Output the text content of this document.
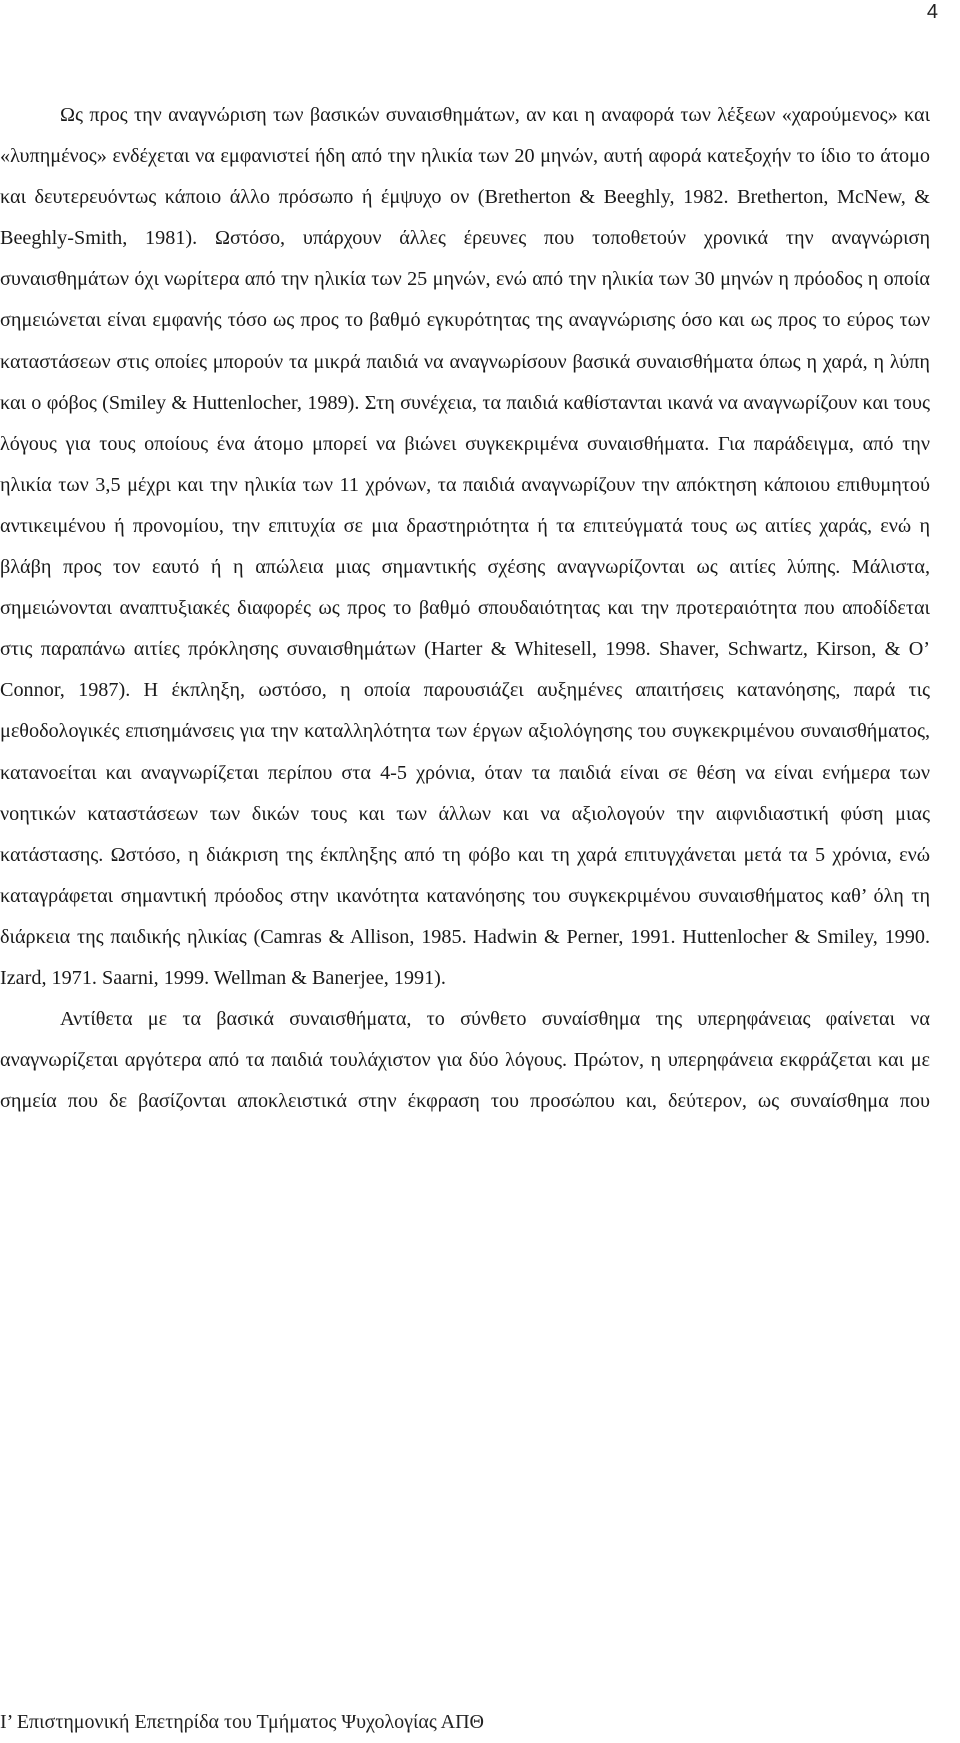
4

Ως προς την αναγνώριση των βασικών συναισθημάτων, αν και η αναφορά των λέξεων «χαρούμενος» και «λυπημένος» ενδέχεται να εμφανιστεί ήδη από την ηλικία των 20 μηνών, αυτή αφορά κατεξοχήν το ίδιο το άτομο και δευτερευόντως κάποιο άλλο πρόσωπο ή έμψυχο ον (Bretherton & Beeghly, 1982. Bretherton, McNew, & Beeghly-Smith, 1981). Ωστόσο, υπάρχουν άλλες έρευνες που τοποθετούν χρονικά την αναγνώριση συναισθημάτων όχι νωρίτερα από την ηλικία των 25 μηνών, ενώ από την ηλικία των 30 μηνών η πρόοδος η οποία σημειώνεται είναι εμφανής τόσο ως προς το βαθμό εγκυρότητας της αναγνώρισης όσο και ως προς το εύρος των καταστάσεων στις οποίες μπορούν τα μικρά παιδιά να αναγνωρίσουν βασικά συναισθήματα όπως η χαρά, η λύπη και ο φόβος (Smiley & Huttenlocher, 1989). Στη συνέχεια, τα παιδιά καθίστανται ικανά να αναγνωρίζουν και τους λόγους για τους οποίους ένα άτομο μπορεί να βιώνει συγκεκριμένα συναισθήματα. Για παράδειγμα, από την ηλικία των 3,5 μέχρι και την ηλικία των 11 χρόνων, τα παιδιά αναγνωρίζουν την απόκτηση κάποιου επιθυμητού αντικειμένου ή προνομίου, την επιτυχία σε μια δραστηριότητα ή τα επιτεύγματά τους ως αιτίες χαράς, ενώ η βλάβη προς τον εαυτό ή η απώλεια μιας σημαντικής σχέσης αναγνωρίζονται ως αιτίες λύπης. Μάλιστα, σημειώνονται αναπτυξιακές διαφορές ως προς το βαθμό σπουδαιότητας και την προτεραιότητα που αποδίδεται στις παραπάνω αιτίες πρόκλησης συναισθημάτων (Harter & Whitesell, 1998. Shaver, Schwartz, Kirson, & O’ Connor, 1987). Η έκπληξη, ωστόσο, η οποία παρουσιάζει αυξημένες απαιτήσεις κατανόησης, παρά τις μεθοδολογικές επισημάνσεις για την καταλληλότητα των έργων αξιολόγησης του συγκεκριμένου συναισθήματος, κατανοείται και αναγνωρίζεται περίπου στα 4-5 χρόνια, όταν τα παιδιά είναι σε θέση να είναι ενήμερα των νοητικών καταστάσεων των δικών τους και των άλλων και να αξιολογούν την αιφνιδιαστική φύση μιας κατάστασης. Ωστόσο, η διάκριση της έκπληξης από τη φόβο και τη χαρά επιτυγχάνεται μετά τα 5 χρόνια, ενώ καταγράφεται σημαντική πρόοδος στην ικανότητα κατανόησης του συγκεκριμένου συναισθήματος καθ’ όλη τη διάρκεια της παιδικής ηλικίας (Camras & Allison, 1985. Hadwin & Perner, 1991. Huttenlocher & Smiley, 1990. Izard, 1971. Saarni, 1999. Wellman & Banerjee, 1991).

Αντίθετα με τα βασικά συναισθήματα, το σύνθετο συναίσθημα της υπερηφάνειας φαίνεται να αναγνωρίζεται αργότερα από τα παιδιά τουλάχιστον για δύο λόγους. Πρώτον, η υπερηφάνεια εκφράζεται και με σημεία που δε βασίζονται αποκλειστικά στην έκφραση του προσώπου και, δεύτερον, ως συναίσθημα που

Ι’ Επιστημονική Επετηρίδα του Τμήματος Ψυχολογίας ΑΠΘ
